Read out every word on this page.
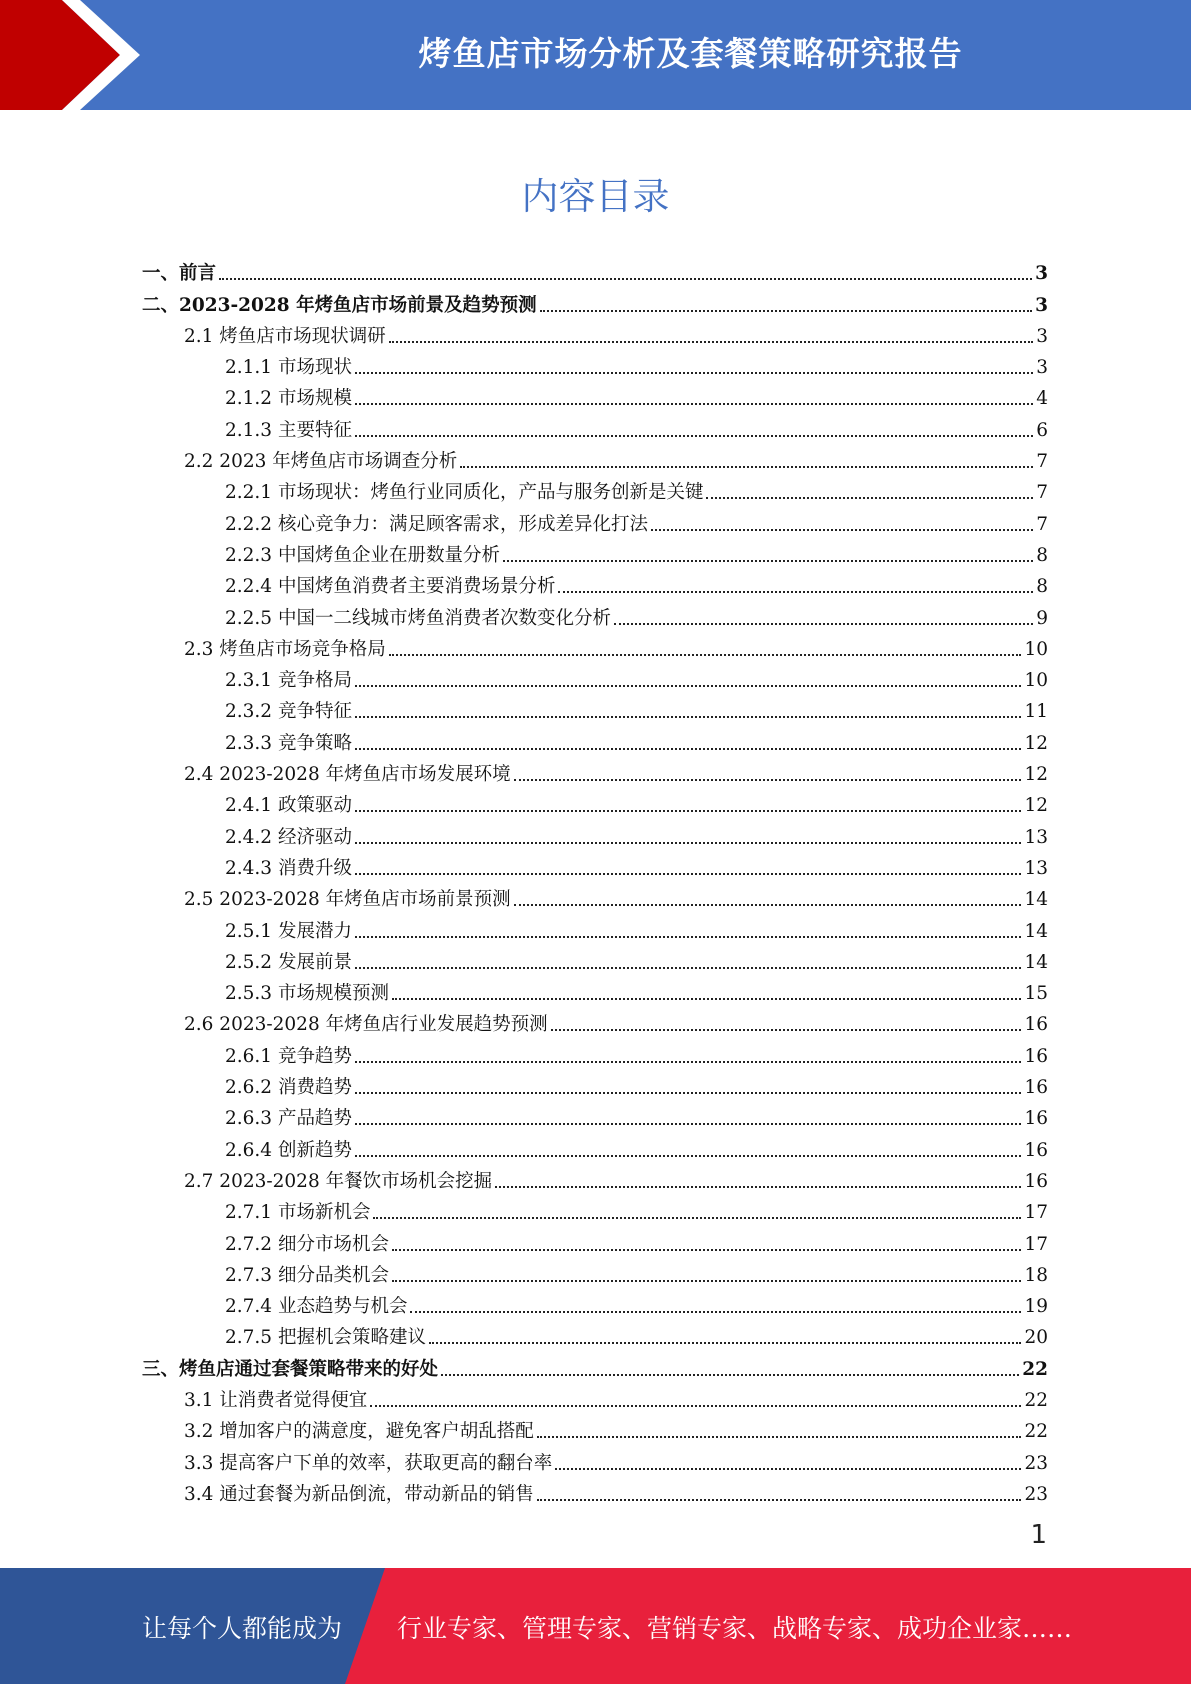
烤鱼店市场分析及套餐策略研究报告
内容目录
一、前言	3
二、2023-2028 年烤鱼店市场前景及趋势预测	3
2.1 烤鱼店市场现状调研	3
2.1.1 市场现状	3
2.1.2 市场规模	4
2.1.3 主要特征	6
2.2 2023 年烤鱼店市场调查分析	7
2.2.1 市场现状：烤鱼行业同质化，产品与服务创新是关键	7
2.2.2 核心竞争力：满足顾客需求，形成差异化打法	7
2.2.3 中国烤鱼企业在册数量分析	8
2.2.4 中国烤鱼消费者主要消费场景分析	8
2.2.5 中国一二线城市烤鱼消费者次数变化分析	9
2.3 烤鱼店市场竞争格局	10
2.3.1 竞争格局	10
2.3.2 竞争特征	11
2.3.3 竞争策略	12
2.4 2023-2028 年烤鱼店市场发展环境	12
2.4.1 政策驱动	12
2.4.2 经济驱动	13
2.4.3 消费升级	13
2.5 2023-2028 年烤鱼店市场前景预测	14
2.5.1 发展潜力	14
2.5.2 发展前景	14
2.5.3 市场规模预测	15
2.6 2023-2028 年烤鱼店行业发展趋势预测	16
2.6.1 竞争趋势	16
2.6.2 消费趋势	16
2.6.3 产品趋势	16
2.6.4 创新趋势	16
2.7 2023-2028 年餐饮市场机会挖掘	16
2.7.1 市场新机会	17
2.7.2 细分市场机会	17
2.7.3 细分品类机会	18
2.7.4 业态趋势与机会	19
2.7.5 把握机会策略建议	20
三、烤鱼店通过套餐策略带来的好处	22
3.1 让消费者觉得便宜	22
3.2 增加客户的满意度，避免客户胡乱搭配	22
3.3 提高客户下单的效率，获取更高的翻台率	23
3.4 通过套餐为新品倒流，带动新品的销售	23
1
让每个人都能成为 行业专家、管理专家、营销专家、战略专家、成功企业家……
